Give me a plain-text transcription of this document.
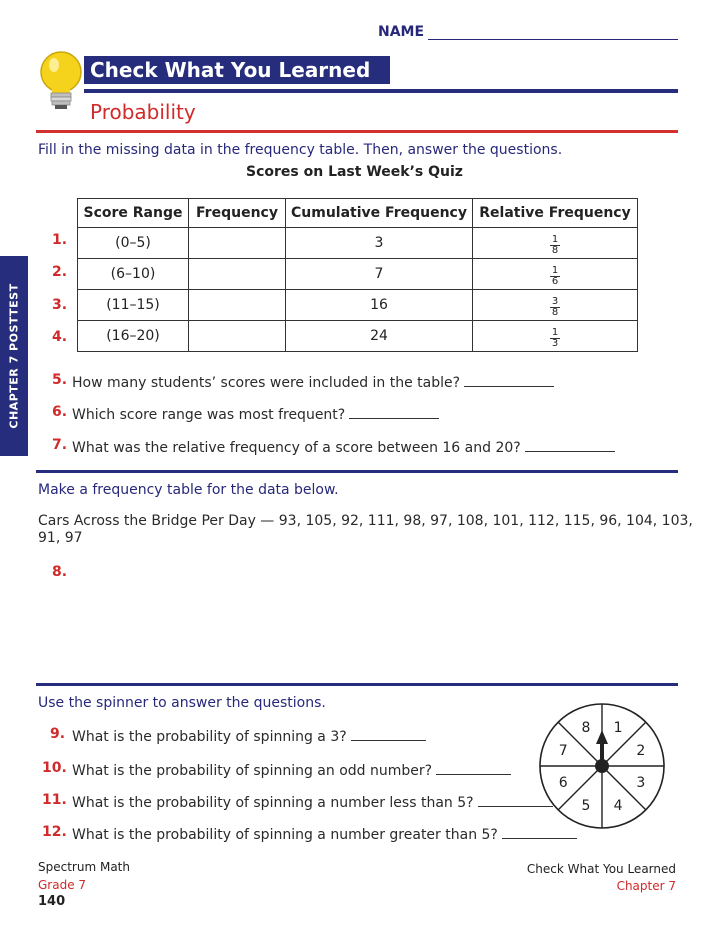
NAME
Check What You Learned
Probability
CHAPTER 7 POSTTEST
Fill in the missing data in the frequency table. Then, answer the questions.
Scores on Last Week’s Quiz
Score Range	Frequency	Cumulative Frequency	Relative Frequency
(0–5)		3	$\frac{1}{8}$

(6–10)		7	$\frac{1}{6}$

(11–15)		16	$\frac{3}{8}$

(16–20)		24	$\frac{1}{3}$
1.
2.
3.
4.
5. How many students’ scores were included in the table?
6. Which score range was most frequent?
7. What was the relative frequency of a score between 16 and 20?
Make a frequency table for the data below.
Cars Across the Bridge Per Day — 93, 105, 92, 111, 98, 97, 108, 101, 112, 115, 96, 104, 103,
91, 97
8.
Use the spinner to answer the questions.
9. What is the probability of spinning a 3?
10. What is the probability of spinning an odd number?
11. What is the probability of spinning a number less than 5?
12. What is the probability of spinning a number greater than 5?
1
2
3
4
5
6
7
8
Spectrum Math
Grade 7
140
Check What You Learned
Chapter 7
